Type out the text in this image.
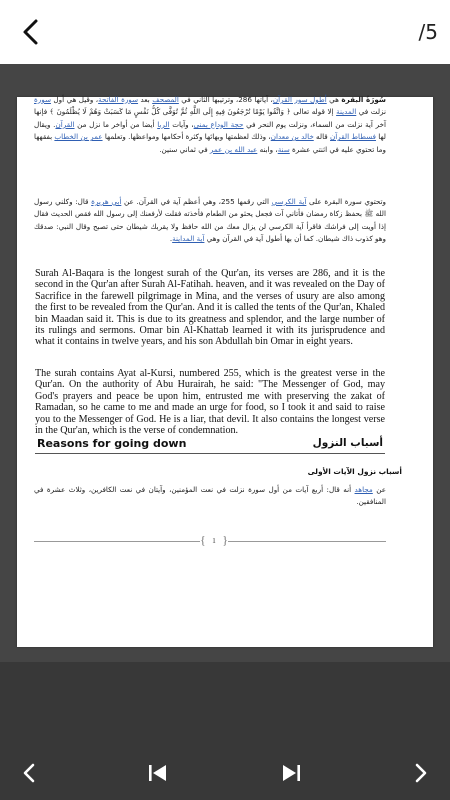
/5
سُورَةُ البقرة هي أطول سور القرآن، آياتها 286، وترتيبها الثاني في المصحف بعد سورة الفاتحة، وقيل هي أول سورة نزلت في المدينة إلا قوله تعالى ﴿ وَاتَّقُوا يَوْمًا تُرْجَعُونَ فِيهِ إِلَى اللَّهِ ثُمَّ تُوَفَّى كُلُّ نَفْسٍ مَا كَسَبَتْ وَهُمْ لَا يُظْلَمُونَ ﴾ فإنها آخر آية نزلت من السماء، ونزلت يوم النحر في حجة الوداع بمنى، وآيات الربا أيضا من أواخر ما نزل من القرآن. ويقال لها فسطاط القرآن قاله خالد بن معدان، وذلك لعظمتها وبهائها وكثرة أحكامها ومواعظها. وتعلمها عمر بن الخطاب بفقهها وما تحتوي عليه في اثنتي عشرة سنة، وابنه عبد الله بن عمر في ثماني سنين.
وتحتوي سورة البقرة على آية الكرسي التي رقمها 255، وهي أعظم آية في القرآن. عن أبي هريرة قال: وكلني رسول الله ﷺ بحفظ زكاة رمضان فأتاني آت فجعل يحثو من الطعام فأخذته فقلت لأرفعنك إلى رسول الله فقص الحديث فقال إذا أويت إلى فراشك فاقرأ آية الكرسي لن يزال معك من الله حافظ ولا يقربك شيطان حتى تصبح وقال النبي: صدقك وهو كذوب ذاك شيطان. كما أن بها أطول آية في القرآن وهي آية المداينة.

Surah Al-Baqara is the longest surah of the Qur'an, its verses are 286, and it is the second in the Qur'an after Surah Al-Fatihah. heaven, and it was revealed on the Day of Sacrifice in the farewell pilgrimage in Mina, and the verses of usury are also among the first to be revealed from the Qur'an. And it is called the tents of the Qur'an, Khaled bin Maadan said it. This is due to its greatness and splendor, and the large number of its rulings and sermons. Omar bin Al-Khattab learned it with its jurisprudence and what it contains in twelve years, and his son Abdullah bin Omar in eight years.

The surah contains Ayat al-Kursi, numbered 255, which is the greatest verse in the Qur'an. On the authority of Abu Hurairah, he said: "The Messenger of God, may God's prayers and peace be upon him, entrusted me with preserving the zakat of Ramadan, so he came to me and made an urge for food, so I took it and said to raise you to the Messenger of God. He is a liar, that devil. It also contains the longest verse in the Qur'an, which is the verse of condemnation.

Reasons for going down	أسباب النزول
أسباب نزول الآيات الأولى
عن مجاهد أنه قال: أربع آيات من أول سورة نزلت في نعت المؤمنين، وآيتان في نعت الكافرين، وثلاث عشرة في المنافقين.
{ 1 }
